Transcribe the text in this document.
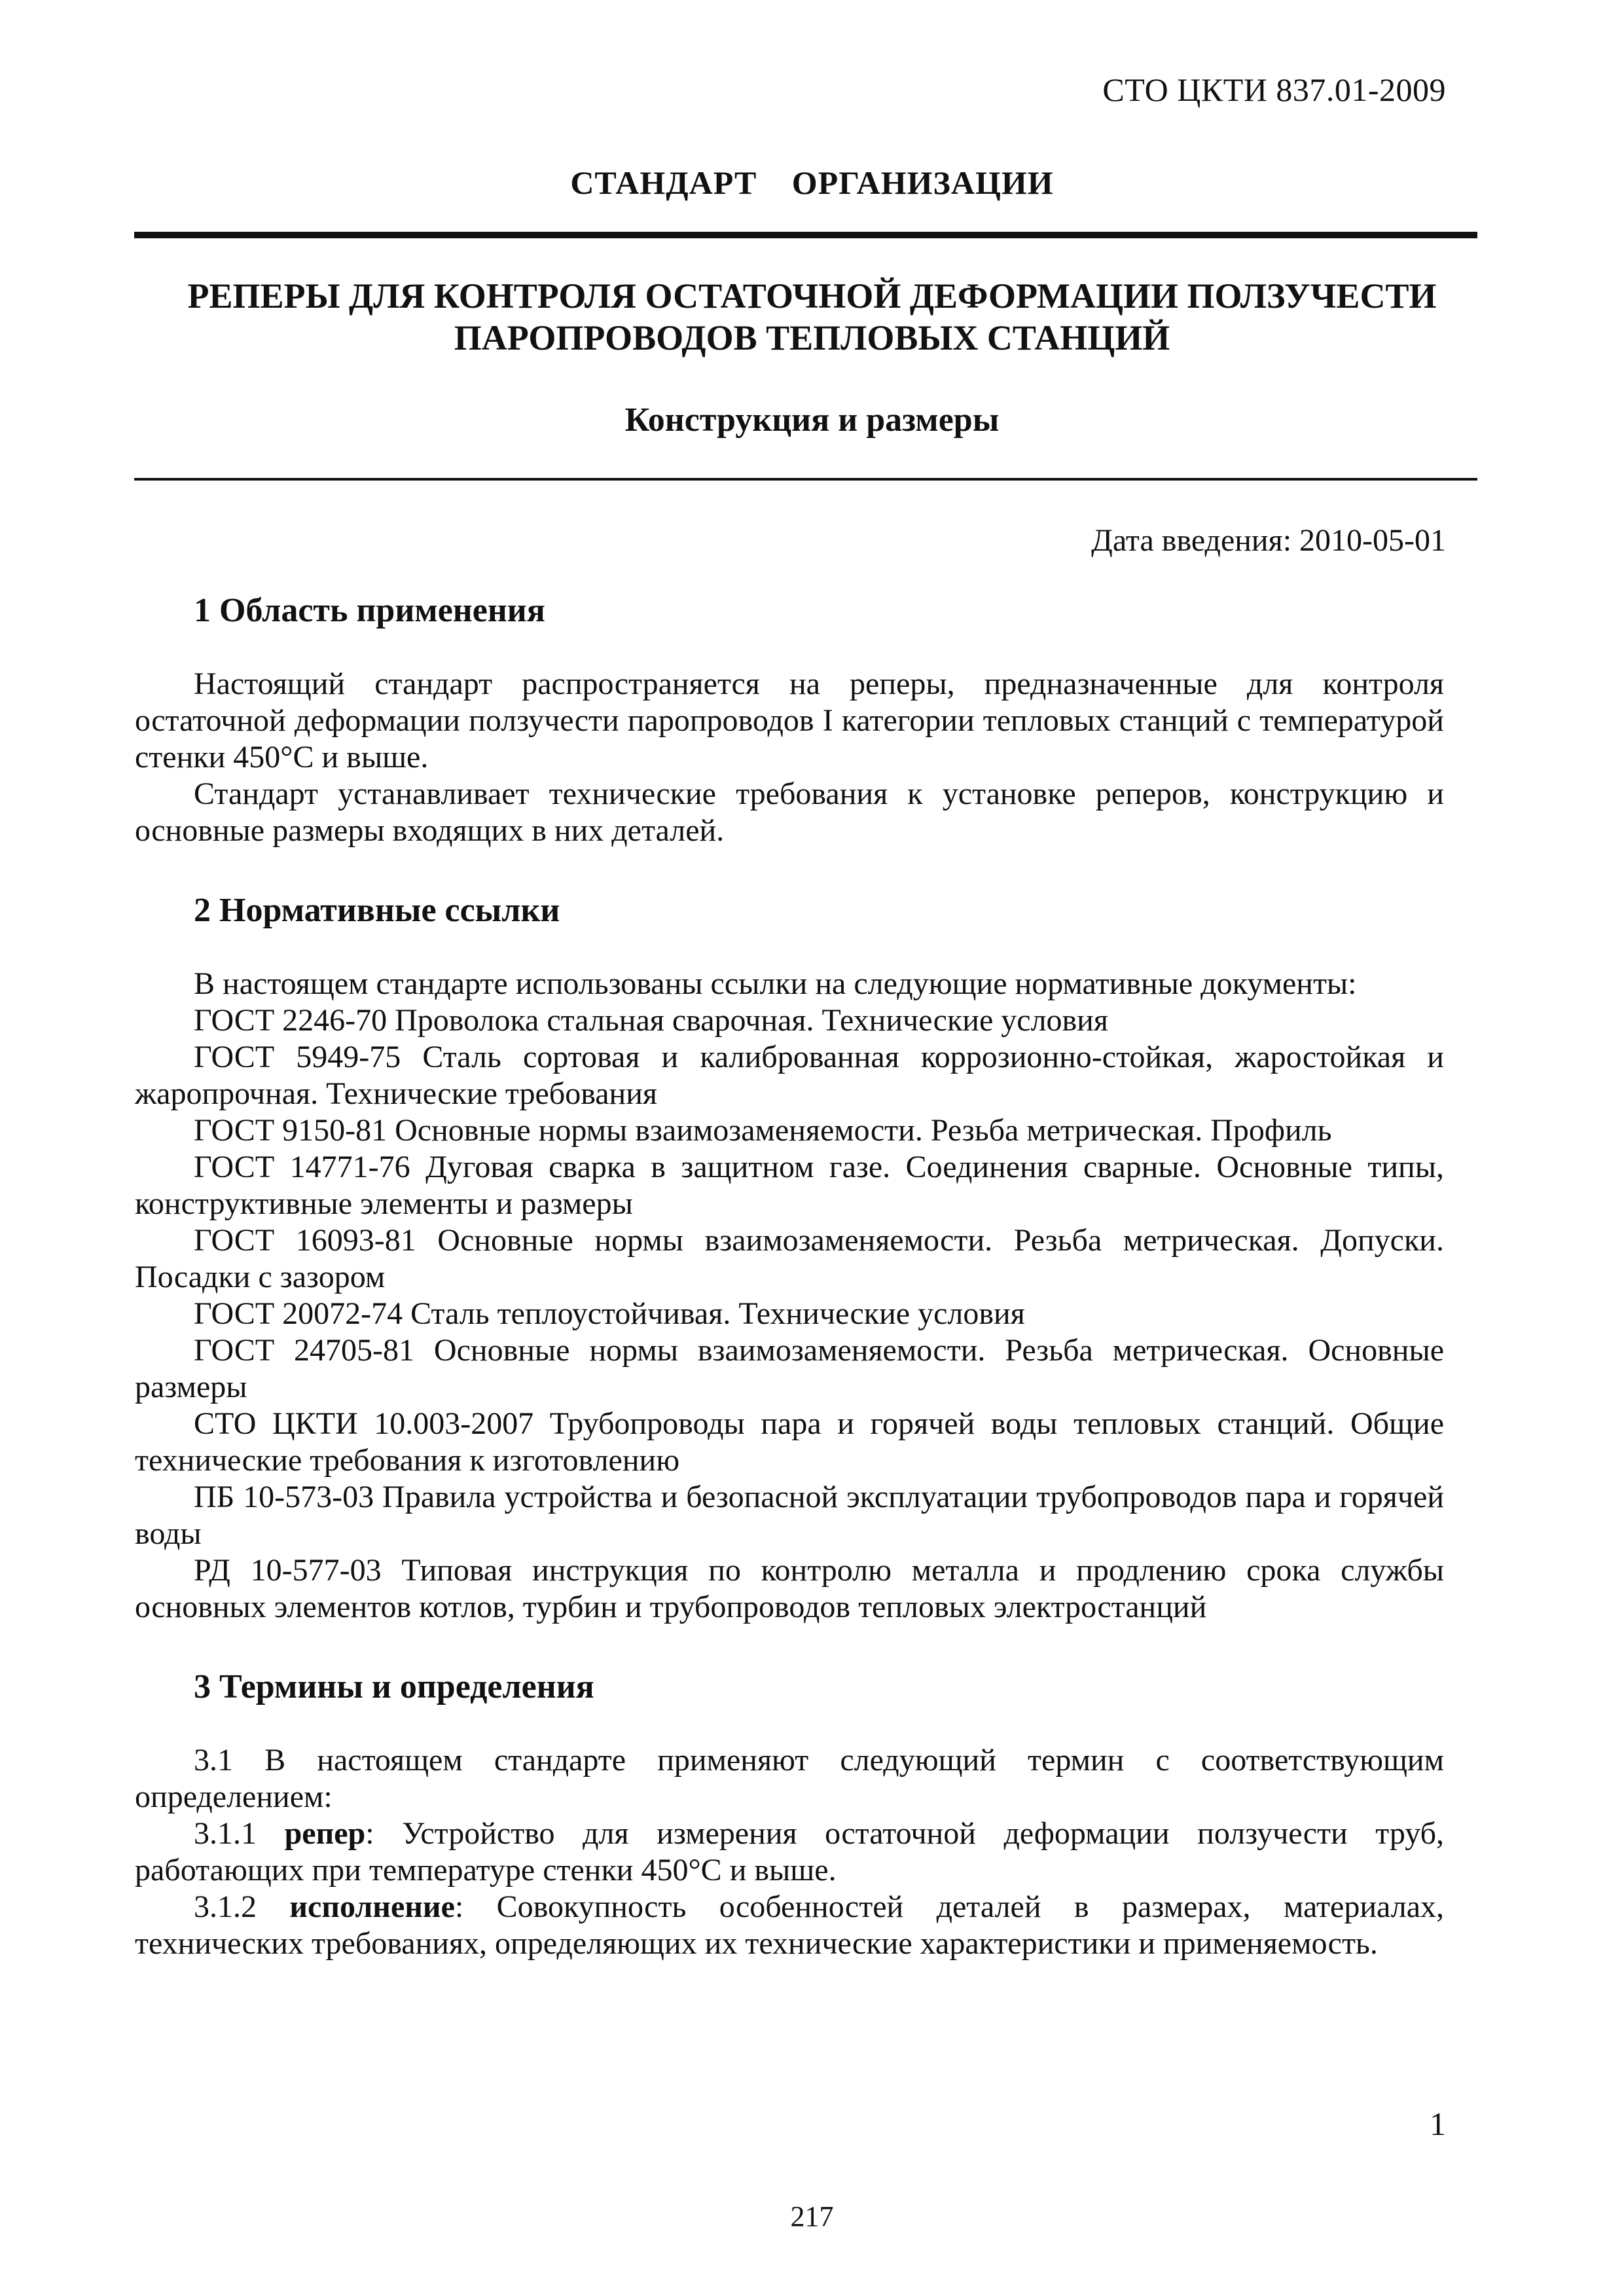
СТО ЦКТИ 837.01-2009
СТАНДАРТ ОРГАНИЗАЦИИ
РЕПЕРЫ ДЛЯ КОНТРОЛЯ ОСТАТОЧНОЙ ДЕФОРМАЦИИ ПОЛЗУЧЕСТИ
ПАРОПРОВОДОВ ТЕПЛОВЫХ СТАНЦИЙ
Конструкция и размеры
Дата введения: 2010-05-01

1 Область применения

Настоящий стандарт распространяется на реперы, предназначенные для контроля остаточной деформации ползучести паропроводов I категории тепловых станций с температурой стенки 450°С и выше.

Стандарт устанавливает технические требования к установке реперов, конструкцию и основные размеры входящих в них деталей.

2 Нормативные ссылки

В настоящем стандарте использованы ссылки на следующие нормативные документы:

ГОСТ 2246-70 Проволока стальная сварочная. Технические условия

ГОСТ 5949-75 Сталь сортовая и калиброванная коррозионно-стойкая, жаростойкая и жаропрочная. Технические требования

ГОСТ 9150-81 Основные нормы взаимозаменяемости. Резьба метрическая. Профиль

ГОСТ 14771-76 Дуговая сварка в защитном газе. Соединения сварные. Основные типы, конструктивные элементы и размеры

ГОСТ 16093-81 Основные нормы взаимозаменяемости. Резьба метрическая. Допуски. Посадки с зазором

ГОСТ 20072-74 Сталь теплоустойчивая. Технические условия

ГОСТ 24705-81 Основные нормы взаимозаменяемости. Резьба метрическая. Основные размеры

СТО ЦКТИ 10.003-2007 Трубопроводы пара и горячей воды тепловых станций. Общие технические требования к изготовлению

ПБ 10-573-03 Правила устройства и безопасной эксплуатации трубопроводов пара и горячей воды

РД 10-577-03 Типовая инструкция по контролю металла и продлению срока службы основных элементов котлов, турбин и трубопроводов тепловых электростанций

3 Термины и определения

3.1 В настоящем стандарте применяют следующий термин с соответствующим определением:

3.1.1 репер: Устройство для измерения остаточной деформации ползучести труб, работающих при температуре стенки 450°С и выше.

3.1.2 исполнение: Совокупность особенностей деталей в размерах, материалах, технических требованиях, определяющих их технические характеристики и применяемость.

1
217
